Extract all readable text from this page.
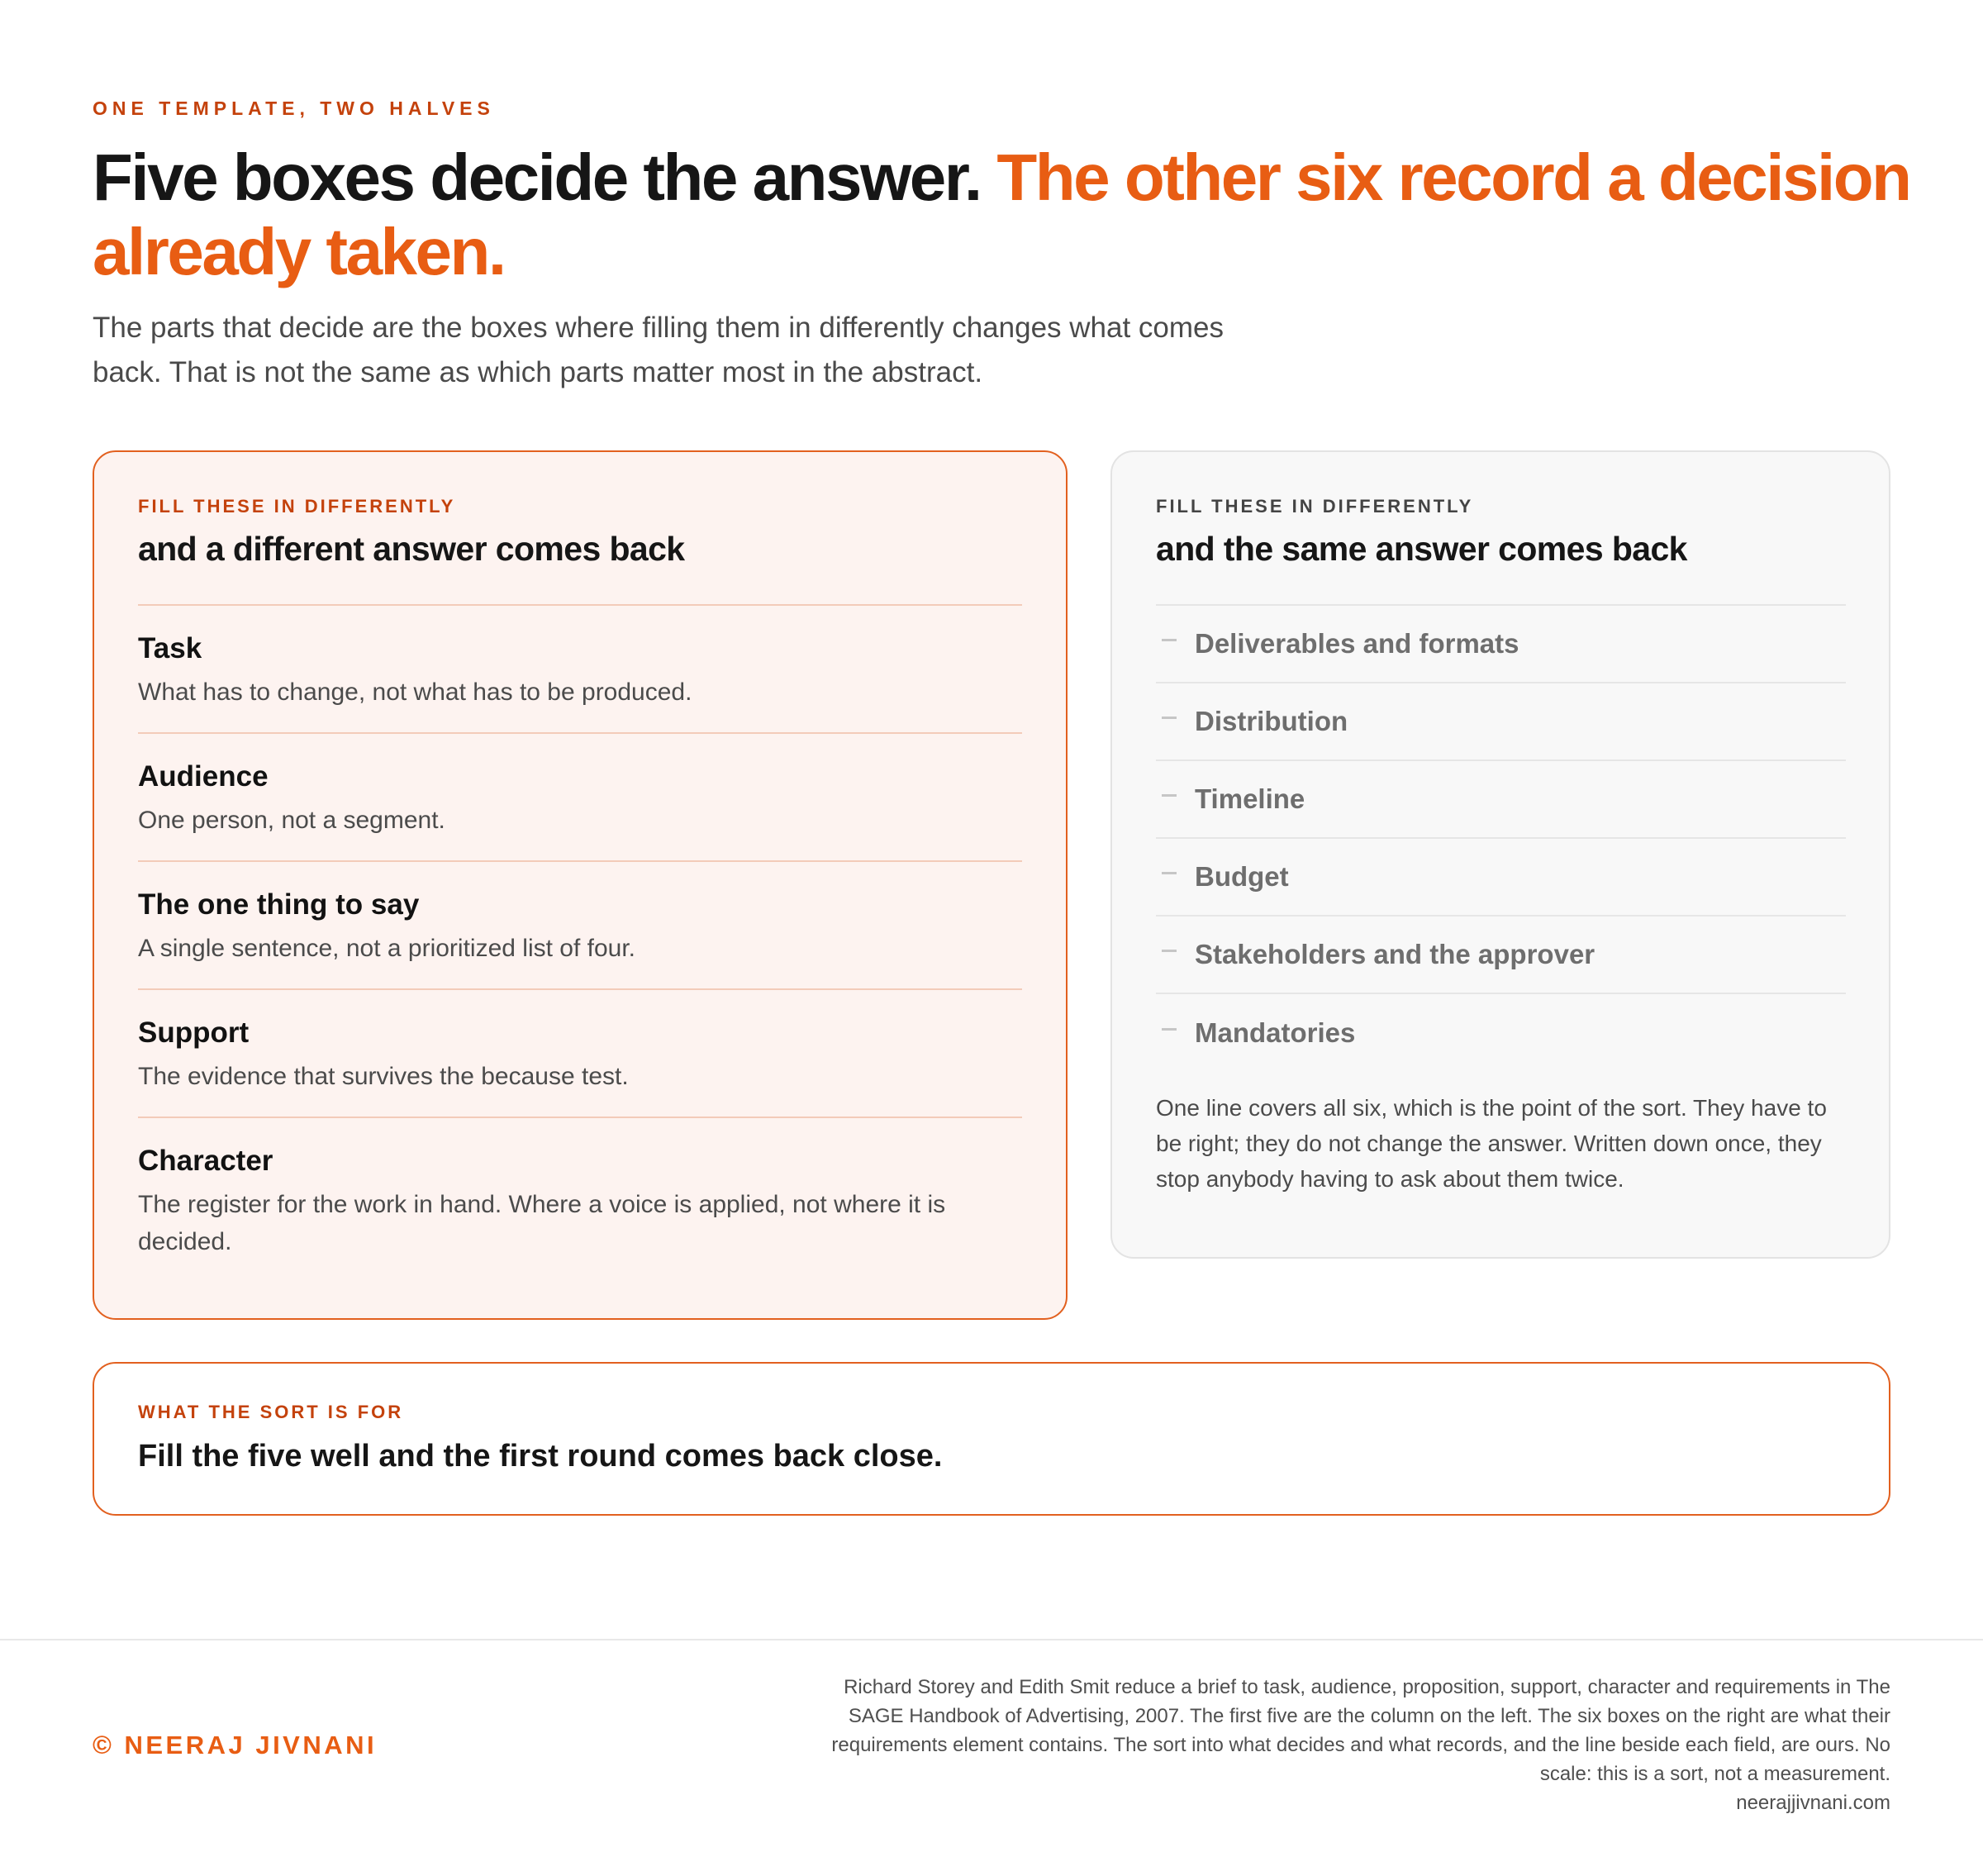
ONE TEMPLATE, TWO HALVES
Five boxes decide the answer. The other six record a decision already taken.
The parts that decide are the boxes where filling them in differently changes what comes back. That is not the same as which parts matter most in the abstract.
FILL THESE IN DIFFERENTLY
and a different answer comes back
Task
What has to change, not what has to be produced.
Audience
One person, not a segment.
The one thing to say
A single sentence, not a prioritized list of four.
Support
The evidence that survives the because test.
Character
The register for the work in hand. Where a voice is applied, not where it is decided.
FILL THESE IN DIFFERENTLY
and the same answer comes back
Deliverables and formats
Distribution
Timeline
Budget
Stakeholders and the approver
Mandatories
One line covers all six, which is the point of the sort. They have to be right; they do not change the answer. Written down once, they stop anybody having to ask about them twice.
WHAT THE SORT IS FOR
Fill the five well and the first round comes back close.
© NEERAJ JIVNANI
Richard Storey and Edith Smit reduce a brief to task, audience, proposition, support, character and requirements in The SAGE Handbook of Advertising, 2007. The first five are the column on the left. The six boxes on the right are what their requirements element contains. The sort into what decides and what records, and the line beside each field, are ours. No scale: this is a sort, not a measurement.
neerajjivnani.com
